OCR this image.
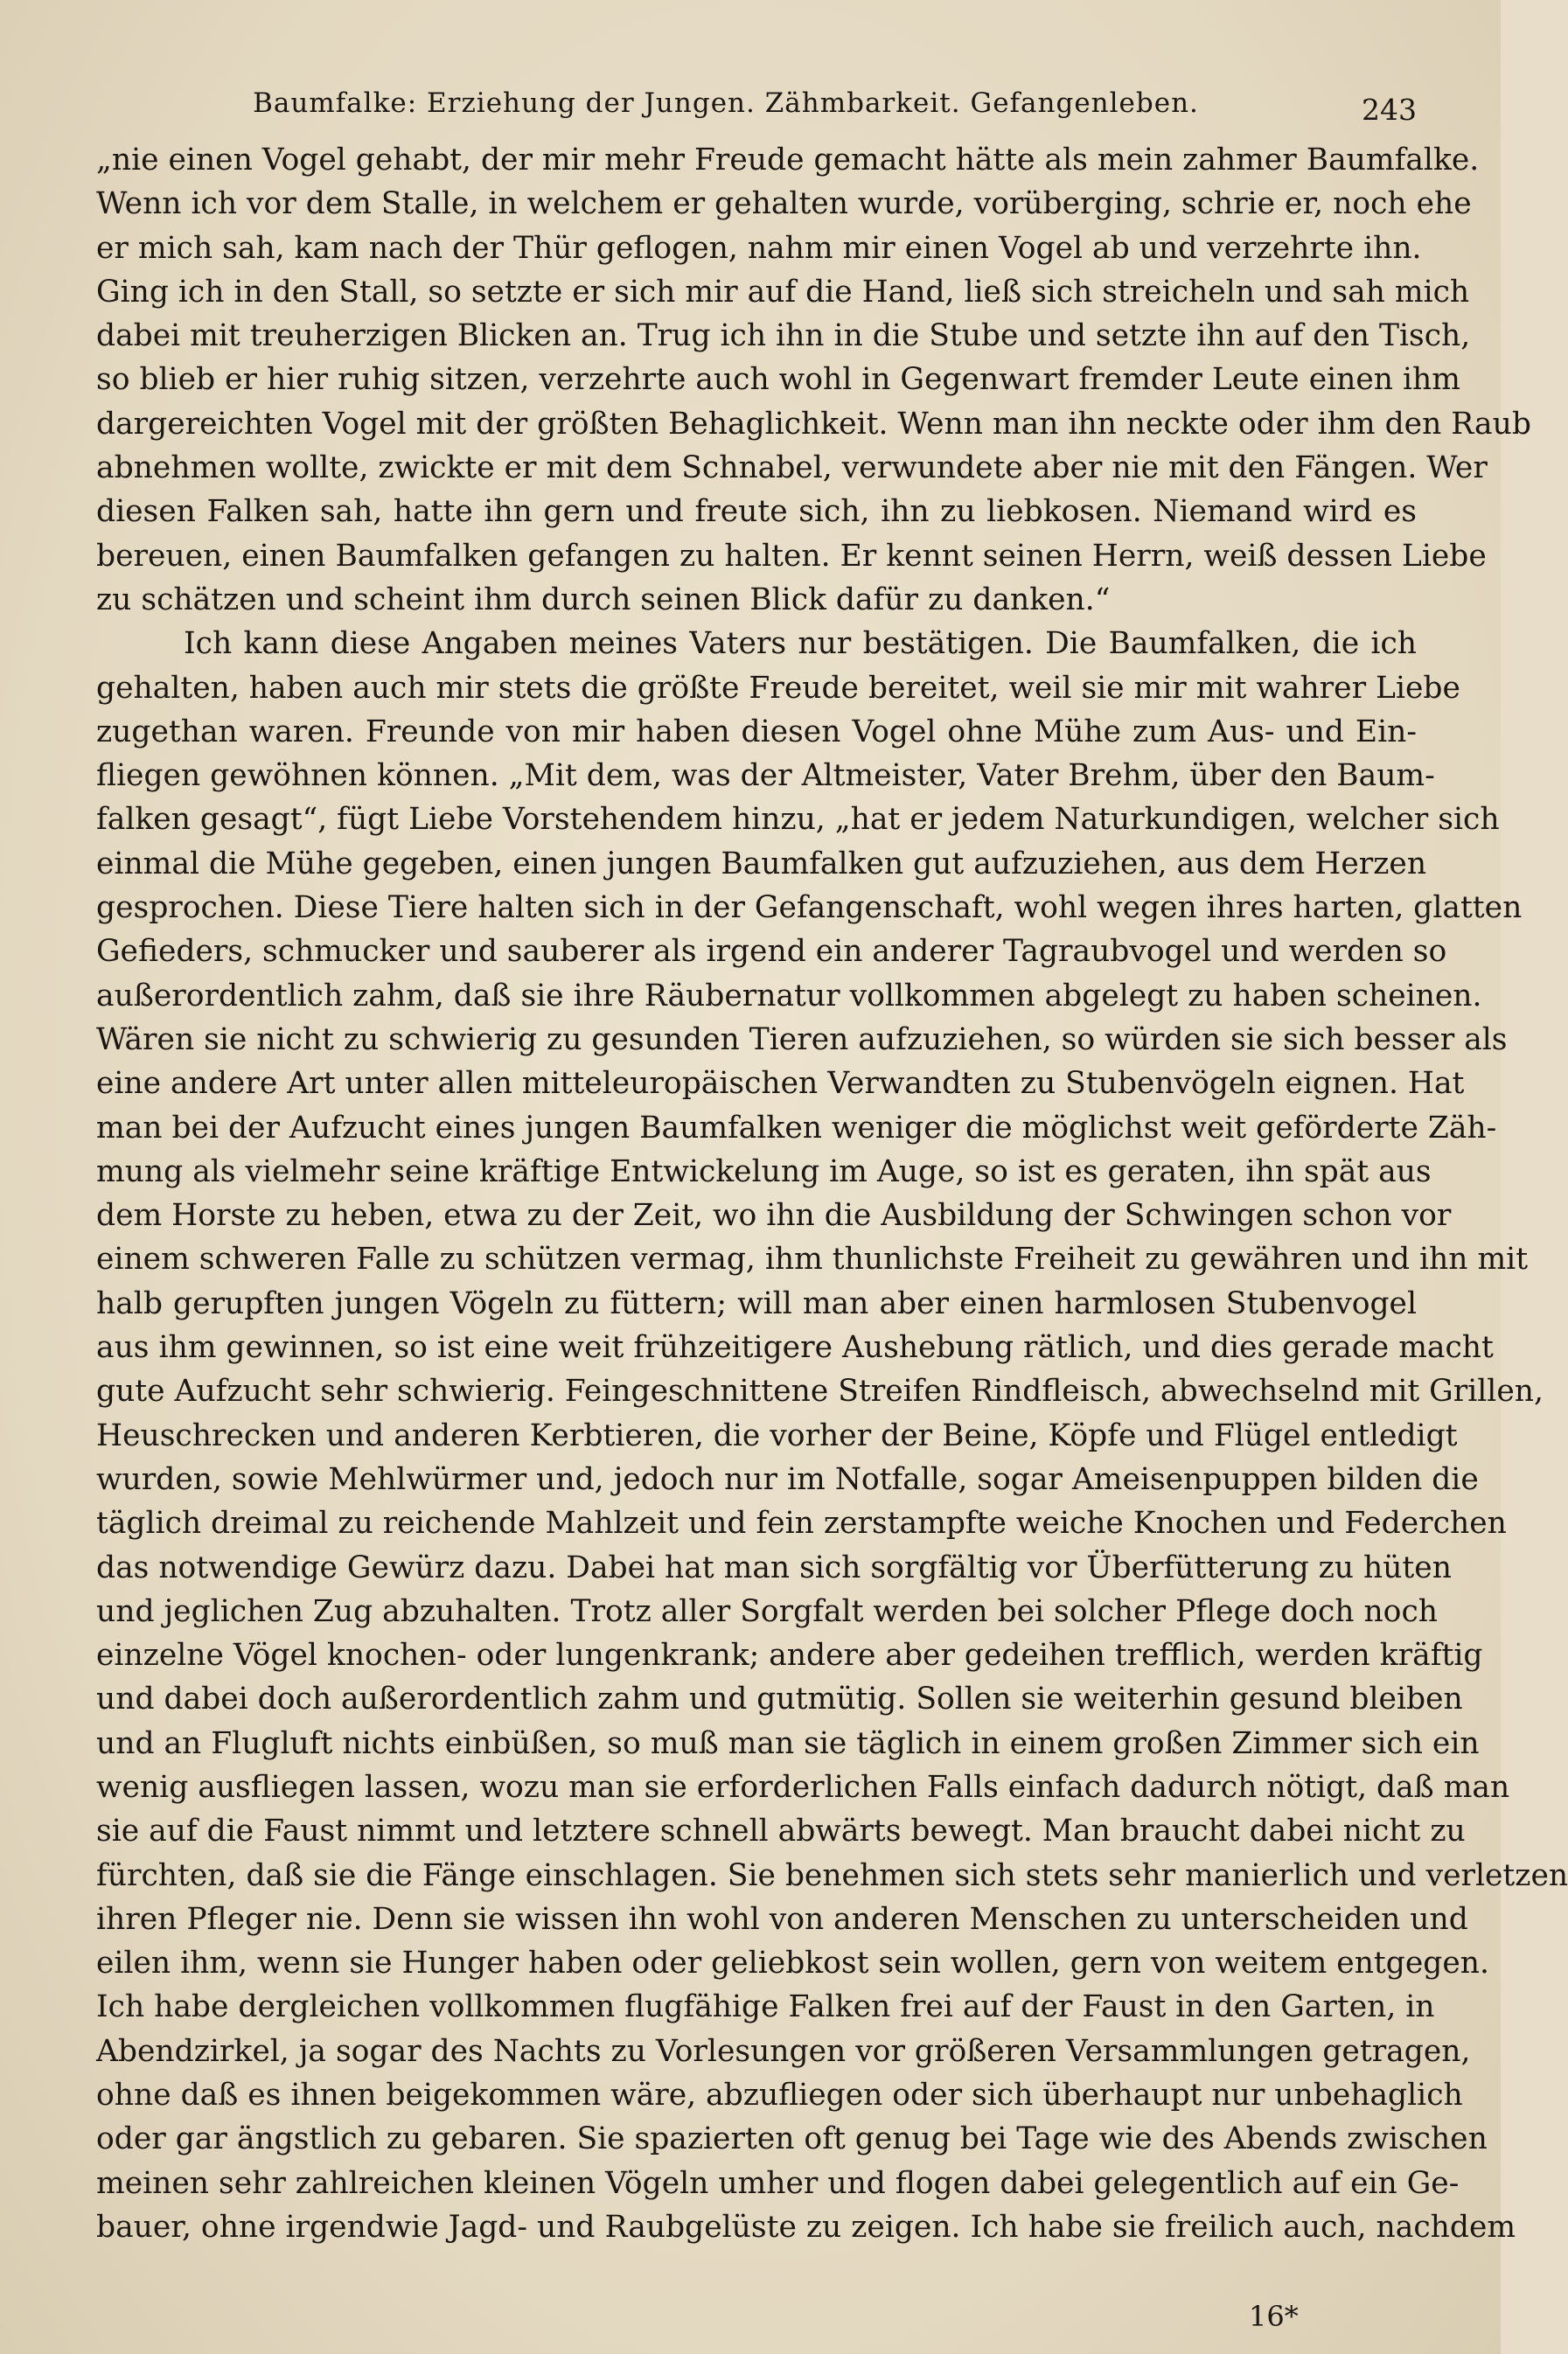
Baumfalke: Erziehung der Jungen. Zähmbarkeit. Gefangenleben.	243
„nie einen Vogel gehabt, der mir mehr Freude gemacht hätte als mein zahmer Baumfalke.
Wenn ich vor dem Stalle, in welchem er gehalten wurde, vorüberging, schrie er, noch ehe
er mich sah, kam nach der Thür geflogen, nahm mir einen Vogel ab und verzehrte ihn.
Ging ich in den Stall, so setzte er sich mir auf die Hand, ließ sich streicheln und sah mich
dabei mit treuherzigen Blicken an. Trug ich ihn in die Stube und setzte ihn auf den Tisch,
so blieb er hier ruhig sitzen, verzehrte auch wohl in Gegenwart fremder Leute einen ihm
dargereichten Vogel mit der größten Behaglichkeit. Wenn man ihn neckte oder ihm den Raub
abnehmen wollte, zwickte er mit dem Schnabel, verwundete aber nie mit den Fängen. Wer
diesen Falken sah, hatte ihn gern und freute sich, ihn zu liebkosen. Niemand wird es
bereuen, einen Baumfalken gefangen zu halten. Er kennt seinen Herrn, weiß dessen Liebe
zu schätzen und scheint ihm durch seinen Blick dafür zu danken.“
Ich kann diese Angaben meines Vaters nur bestätigen. Die Baumfalken, die ich
gehalten, haben auch mir stets die größte Freude bereitet, weil sie mir mit wahrer Liebe
zugethan waren. Freunde von mir haben diesen Vogel ohne Mühe zum Aus- und Ein-
fliegen gewöhnen können. „Mit dem, was der Altmeister, Vater Brehm, über den Baum-
falken gesagt“, fügt Liebe Vorstehendem hinzu, „hat er jedem Naturkundigen, welcher sich
einmal die Mühe gegeben, einen jungen Baumfalken gut aufzuziehen, aus dem Herzen
gesprochen. Diese Tiere halten sich in der Gefangenschaft, wohl wegen ihres harten, glatten
Gefieders, schmucker und sauberer als irgend ein anderer Tagraubvogel und werden so
außerordentlich zahm, daß sie ihre Räubernatur vollkommen abgelegt zu haben scheinen.
Wären sie nicht zu schwierig zu gesunden Tieren aufzuziehen, so würden sie sich besser als
eine andere Art unter allen mitteleuropäischen Verwandten zu Stubenvögeln eignen. Hat
man bei der Aufzucht eines jungen Baumfalken weniger die möglichst weit geförderte Zäh-
mung als vielmehr seine kräftige Entwickelung im Auge, so ist es geraten, ihn spät aus
dem Horste zu heben, etwa zu der Zeit, wo ihn die Ausbildung der Schwingen schon vor
einem schweren Falle zu schützen vermag, ihm thunlichste Freiheit zu gewähren und ihn mit
halb gerupften jungen Vögeln zu füttern; will man aber einen harmlosen Stubenvogel
aus ihm gewinnen, so ist eine weit frühzeitigere Aushebung rätlich, und dies gerade macht
gute Aufzucht sehr schwierig. Feingeschnittene Streifen Rindfleisch, abwechselnd mit Grillen,
Heuschrecken und anderen Kerbtieren, die vorher der Beine, Köpfe und Flügel entledigt
wurden, sowie Mehlwürmer und, jedoch nur im Notfalle, sogar Ameisenpuppen bilden die
täglich dreimal zu reichende Mahlzeit und fein zerstampfte weiche Knochen und Federchen
das notwendige Gewürz dazu. Dabei hat man sich sorgfältig vor Überfütterung zu hüten
und jeglichen Zug abzuhalten. Trotz aller Sorgfalt werden bei solcher Pflege doch noch
einzelne Vögel knochen- oder lungenkrank; andere aber gedeihen trefflich, werden kräftig
und dabei doch außerordentlich zahm und gutmütig. Sollen sie weiterhin gesund bleiben
und an Flugluft nichts einbüßen, so muß man sie täglich in einem großen Zimmer sich ein
wenig ausfliegen lassen, wozu man sie erforderlichen Falls einfach dadurch nötigt, daß man
sie auf die Faust nimmt und letztere schnell abwärts bewegt. Man braucht dabei nicht zu
fürchten, daß sie die Fänge einschlagen. Sie benehmen sich stets sehr manierlich und verletzen
ihren Pfleger nie. Denn sie wissen ihn wohl von anderen Menschen zu unterscheiden und
eilen ihm, wenn sie Hunger haben oder geliebkost sein wollen, gern von weitem entgegen.
Ich habe dergleichen vollkommen flugfähige Falken frei auf der Faust in den Garten, in
Abendzirkel, ja sogar des Nachts zu Vorlesungen vor größeren Versammlungen getragen,
ohne daß es ihnen beigekommen wäre, abzufliegen oder sich überhaupt nur unbehaglich
oder gar ängstlich zu gebaren. Sie spazierten oft genug bei Tage wie des Abends zwischen
meinen sehr zahlreichen kleinen Vögeln umher und flogen dabei gelegentlich auf ein Ge-
bauer, ohne irgendwie Jagd- und Raubgelüste zu zeigen. Ich habe sie freilich auch, nachdem
16*
